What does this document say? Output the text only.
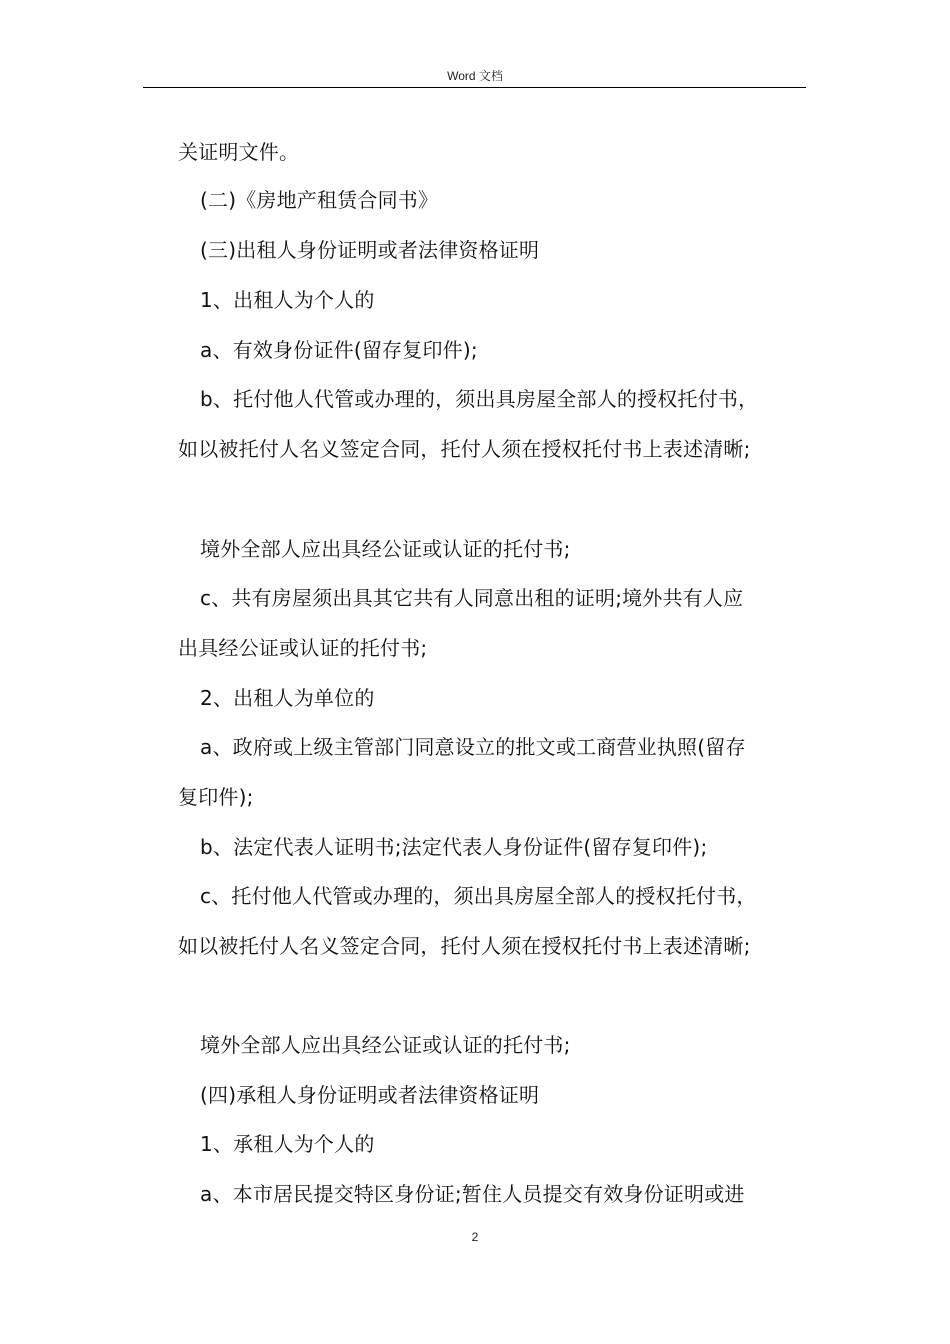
Word 文档
关证明文件。
(二)《房地产租赁合同书》
(三)出租人身份证明或者法律资格证明
1、出租人为个人的
a、有效身份证件(留存复印件);
b、托付他人代管或办理的，须出具房屋全部人的授权托付书，
如以被托付人名义签定合同，托付人须在授权托付书上表述清晰;
境外全部人应出具经公证或认证的托付书;
c、共有房屋须出具其它共有人同意出租的证明;境外共有人应
出具经公证或认证的托付书;
2、出租人为单位的
a、政府或上级主管部门同意设立的批文或工商营业执照(留存
复印件);
b、法定代表人证明书;法定代表人身份证件(留存复印件);
c、托付他人代管或办理的，须出具房屋全部人的授权托付书，
如以被托付人名义签定合同，托付人须在授权托付书上表述清晰;
境外全部人应出具经公证或认证的托付书;
(四)承租人身份证明或者法律资格证明
1、承租人为个人的
a、本市居民提交特区身份证;暂住人员提交有效身份证明或进
2
